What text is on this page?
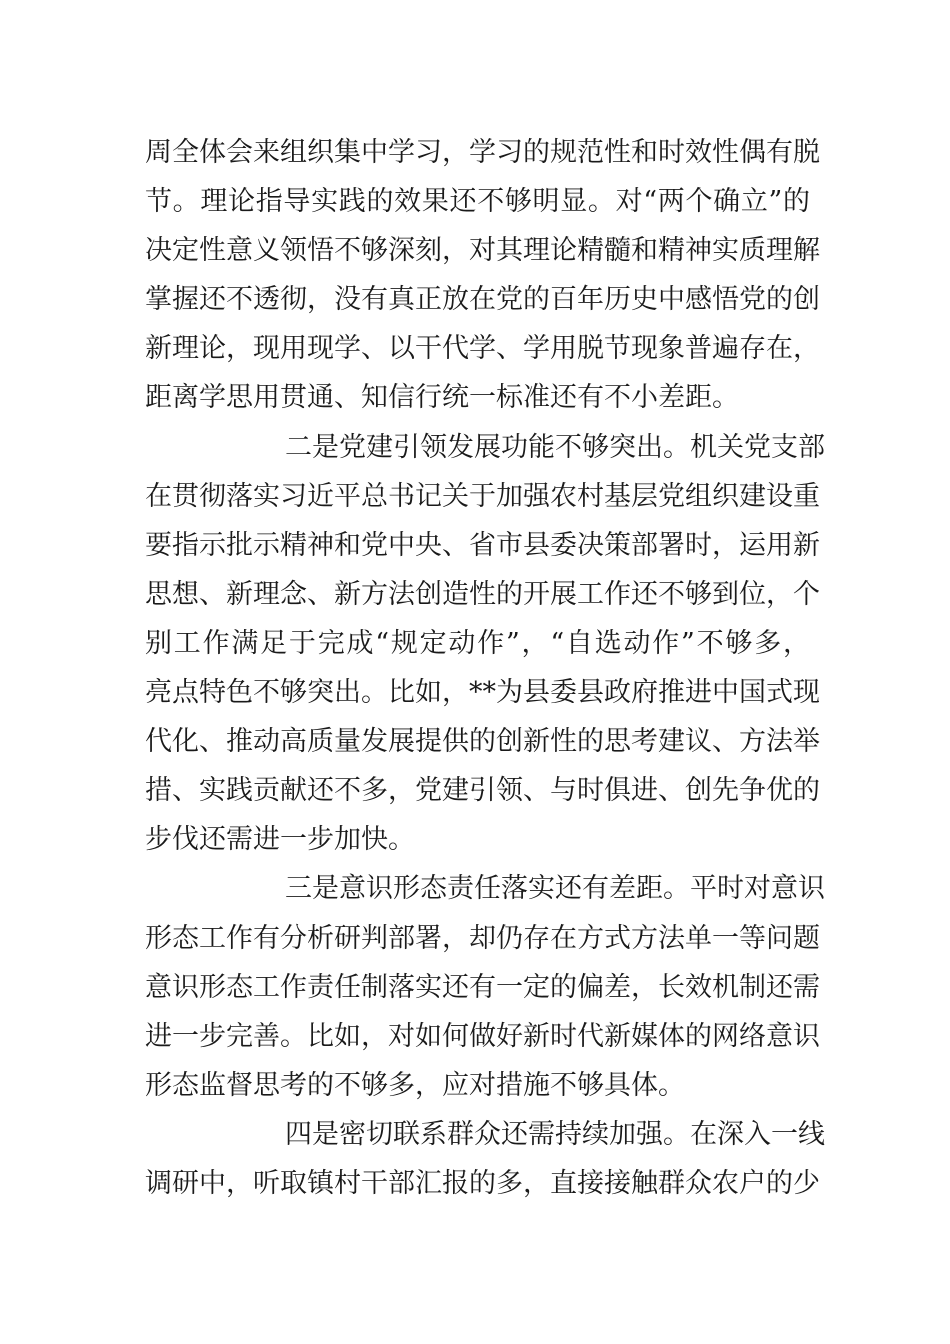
周全体会来组织集中学习，学习的规范性和时效性偶有脱
节。理论指导实践的效果还不够明显。对“两个确立”的
决定性意义领悟不够深刻，对其理论精髓和精神实质理解
掌握还不透彻，没有真正放在党的百年历史中感悟党的创
新理论，现用现学、以干代学、学用脱节现象普遍存在，
距离学思用贯通、知信行统一标准还有不小差距。
二是党建引领发展功能不够突出。机关党支部
在贯彻落实习近平总书记关于加强农村基层党组织建设重
要指示批示精神和党中央、省市县委决策部署时，运用新
思想、新理念、新方法创造性的开展工作还不够到位，个
别工作满足于完成“规定动作”，“自选动作”不够多，
亮点特色不够突出。比如，**为县委县政府推进中国式现
代化、推动高质量发展提供的创新性的思考建议、方法举
措、实践贡献还不多，党建引领、与时俱进、创先争优的
步伐还需进一步加快。
三是意识形态责任落实还有差距。平时对意识
形态工作有分析研判部署，却仍存在方式方法单一等问题
意识形态工作责任制落实还有一定的偏差，长效机制还需
进一步完善。比如，对如何做好新时代新媒体的网络意识
形态监督思考的不够多，应对措施不够具体。
四是密切联系群众还需持续加强。在深入一线
调研中，听取镇村干部汇报的多，直接接触群众农户的少
